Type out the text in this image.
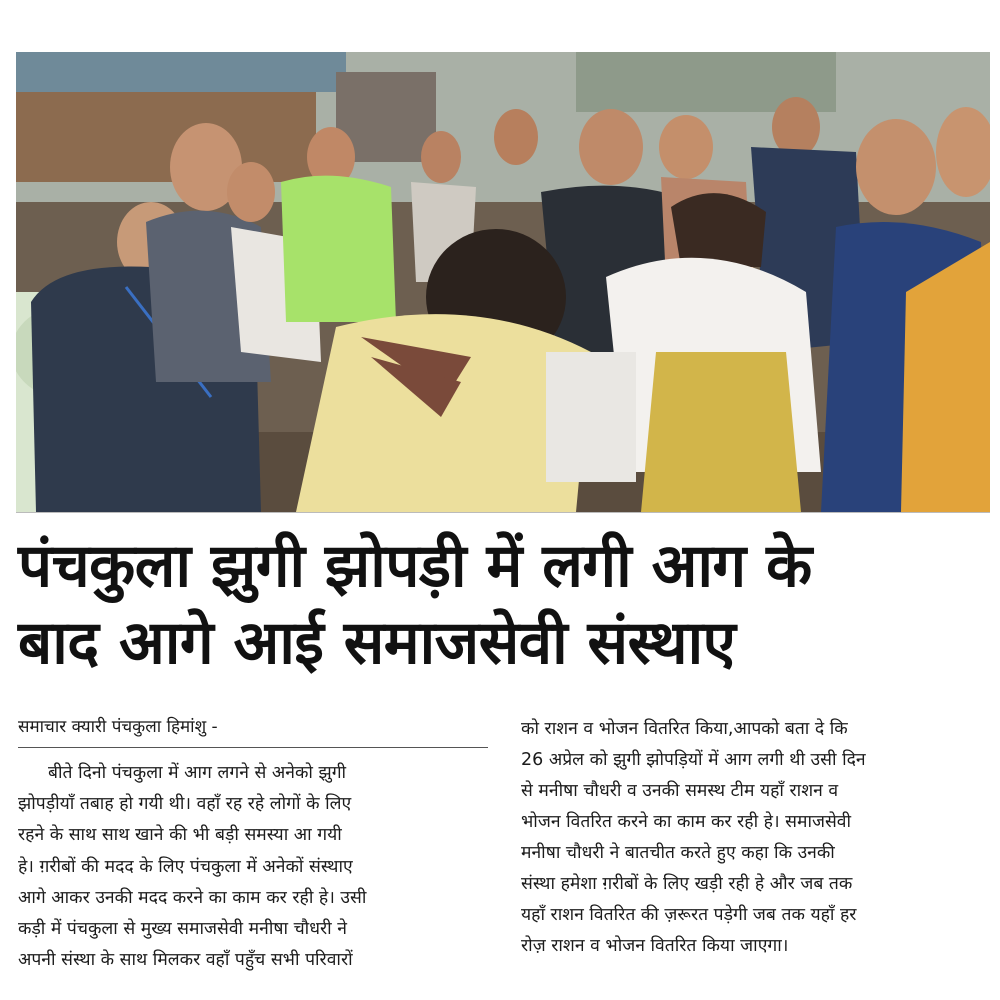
पंचकुला झुगी झोपड़ी में लगी आग के
बाद आगे आई समाजसेवी संस्थाए
समाचार क्यारी पंचकुला हिमांशु -
बीते दिनो पंचकुला में आग लगने से अनेको झुगी
झोपड़ीयाँ तबाह हो गयी थी। वहाँ रह रहे लोगों के लिए
रहने के साथ साथ खाने की भी बड़ी समस्या आ गयी
हे। ग़रीबों की मदद के लिए पंचकुला में अनेकों संस्थाए
आगे आकर उनकी मदद करने का काम कर रही हे। उसी
कड़ी में पंचकुला से मुख्य समाजसेवी मनीषा चौधरी ने
अपनी संस्था के साथ मिलकर वहाँ पहुँच सभी परिवारों
को राशन व भोजन वितरित किया,आपको बता दे कि
26 अप्रेल को झुगी झोपड़ियों में आग लगी थी उसी दिन
से मनीषा चौधरी व उनकी समस्थ टीम यहाँ राशन व
भोजन वितरित करने का काम कर रही हे। समाजसेवी
मनीषा चौधरी ने बातचीत करते हुए कहा कि उनकी
संस्था हमेशा ग़रीबों के लिए खड़ी रही हे और जब तक
यहाँ राशन वितरित की ज़रूरत पड़ेगी जब तक यहाँ हर
रोज़ राशन व भोजन वितरित किया जाएगा।
